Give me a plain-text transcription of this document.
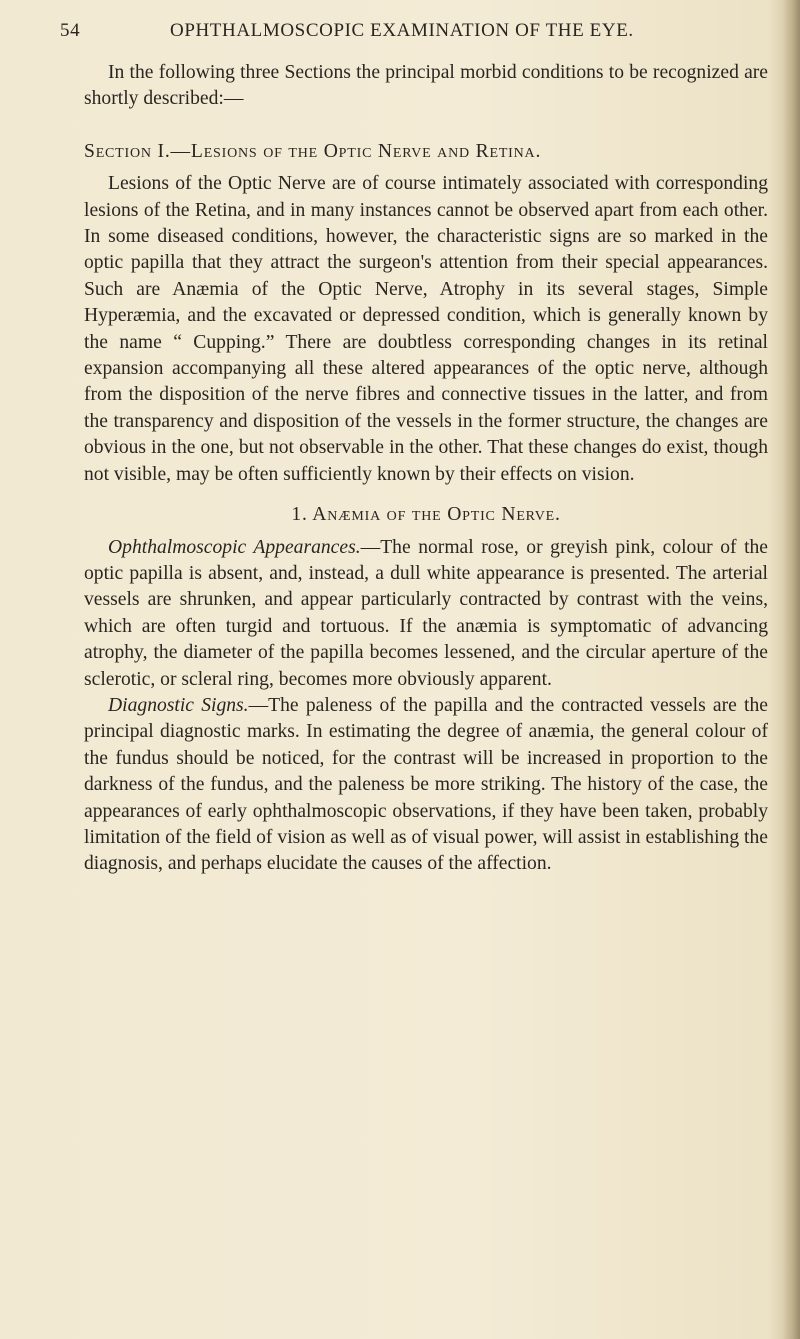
54	OPHTHALMOSCOPIC EXAMINATION OF THE EYE.

In the following three Sections the principal morbid conditions to be recognized are shortly described:—

Section I.—Lesions of the Optic Nerve and Retina.

Lesions of the Optic Nerve are of course intimately associated with corresponding lesions of the Retina, and in many instances cannot be observed apart from each other. In some diseased conditions, however, the characteristic signs are so marked in the optic papilla that they attract the surgeon's attention from their special appearances. Such are Anæmia of the Optic Nerve, Atrophy in its several stages, Simple Hyperæmia, and the excavated or depressed condition, which is generally known by the name “ Cupping.” There are doubtless corresponding changes in its retinal expansion accompanying all these altered appearances of the optic nerve, although from the disposition of the nerve fibres and connective tissues in the latter, and from the transparency and disposition of the vessels in the former structure, the changes are obvious in the one, but not observable in the other. That these changes do exist, though not visible, may be often sufficiently known by their effects on vision.

1. Anæmia of the Optic Nerve.

Ophthalmoscopic Appearances.—The normal rose, or greyish pink, colour of the optic papilla is absent, and, instead, a dull white appearance is presented. The arterial vessels are shrunken, and appear particularly contracted by contrast with the veins, which are often turgid and tortuous. If the anæmia is symptomatic of advancing atrophy, the diameter of the papilla becomes lessened, and the circular aperture of the sclerotic, or scleral ring, becomes more obviously apparent.

Diagnostic Signs.—The paleness of the papilla and the contracted vessels are the principal diagnostic marks. In estimating the degree of anæmia, the general colour of the fundus should be noticed, for the contrast will be increased in proportion to the darkness of the fundus, and the paleness be more striking. The history of the case, the appearances of early ophthalmoscopic observations, if they have been taken, probably limitation of the field of vision as well as of visual power, will assist in establishing the diagnosis, and perhaps elucidate the causes of the affection.
